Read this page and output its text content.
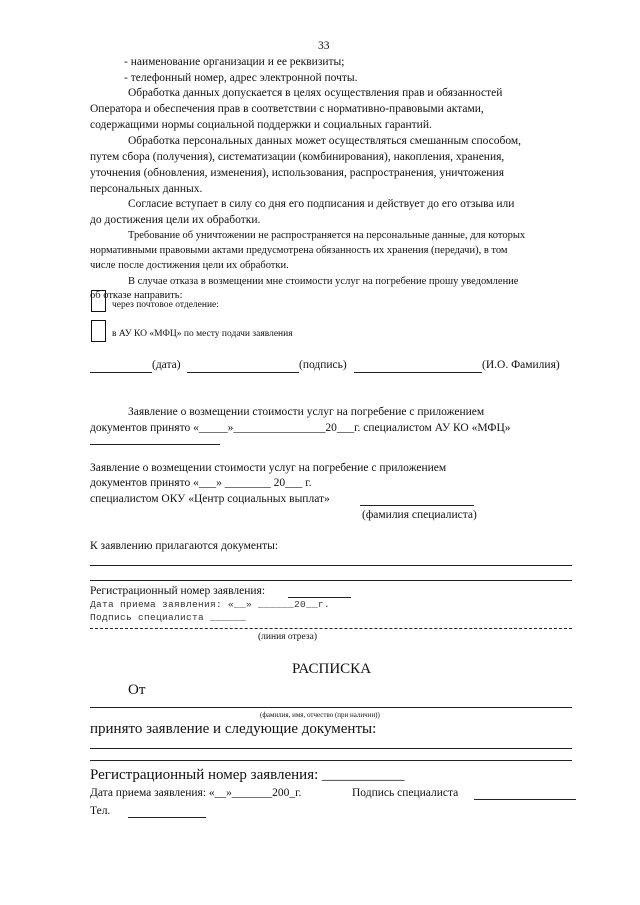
33
- наименование организации и ее реквизиты;
- телефонный номер, адрес электронной почты.
Обработка данных допускается в целях осуществления прав и обязанностей
Оператора и обеспечения прав в соответствии с нормативно-правовыми актами,
содержащими нормы социальной поддержки и социальных гарантий.
Обработка персональных данных может осуществляться смешанным способом,
путем сбора (получения), систематизации (комбинирования), накопления, хранения,
уточнения (обновления, изменения), использования, распространения, уничтожения
персональных данных.
Согласие вступает в силу со дня его подписания и действует до его отзыва или
до достижения цели их обработки.
Требование об уничтожении не распространяется на персональные данные, для которых
нормативными правовыми актами предусмотрена обязанность их хранения (передачи), в том
числе после достижения цели их обработки.
В случае отказа в возмещении мне стоимости услуг на погребение прошу уведомление
об отказе направить:
через почтовое отделение:
в АУ КО «МФЦ» по месту подачи заявления
(дата)	(подпись)	(И.О. Фамилия)
Заявление о возмещении стоимости услуг на погребение с приложением
документов принято «_____»________________20___г. специалистом АУ КО «МФЦ»
Заявление о возмещении стоимости услуг на погребение с приложением
документов принято «___» ________ 20___ г.
специалистом ОКУ «Центр социальных выплат»
(фамилия специалиста)
К заявлению прилагаются документы:
Регистрационный номер заявления:
Дата приема заявления: «__» ______20__г.
Подпись специалиста ______
(линия отреза)
РАСПИСКА
От
(фамилия, имя, отчество (при наличии))
принято заявление и следующие документы:
Регистрационный номер заявления: ___________
Дата приема заявления: «__»_______200_г.	Подпись специалиста
Тел.
